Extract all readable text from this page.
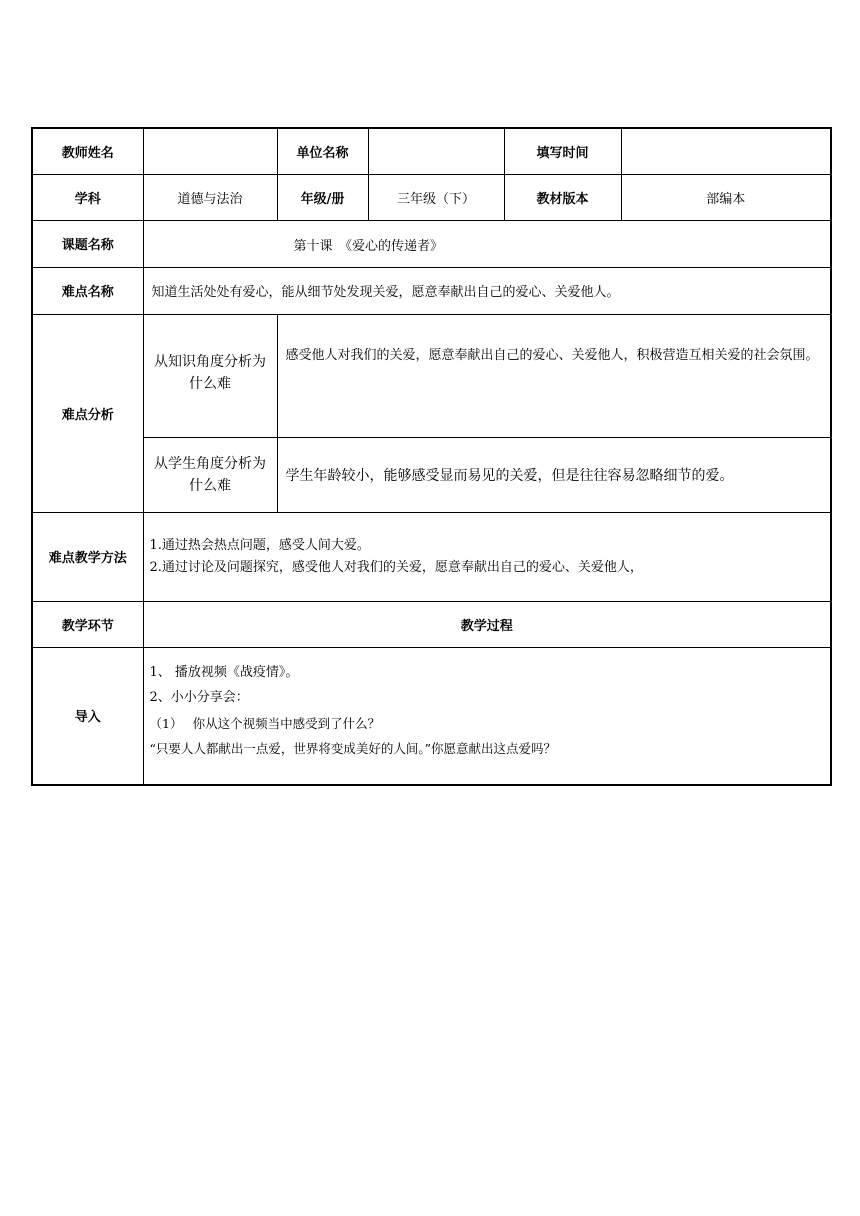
教师姓名		单位名称		填写时间	
学科	道德与法治	年级/册	三年级（下）	教材版本	部编本
课题名称	第十课　《爱心的传递者》				
难点名称	知道生活处处有爱心，能从细节处发现关爱，愿意奉献出自己的爱心、关爱他人。				
难点分析	从知识角度分析为什么难	感受他人对我们的关爱，愿意奉献出自己的爱心、关爱他人，积极营造互相关爱的社会氛围。			
	从学生角度分析为什么难	学生年龄较小，能够感受显而易见的关爱，但是往往容易忽略细节的爱。			
难点教学方法	1.通过热会热点问题，感受人间大爱。

2.通过讨论及问题探究，感受他人对我们的关爱，愿意奉献出自己的爱心、关爱他人，				

教学环节	教学过程				
导入	1、 播放视频《战疫情》。

2、小小分享会：

（1）　 你从这个视频当中感受到了什么？

“只要人人都献出一点爱，世界将变成美好的人间。”你愿意献出这点爱吗？				
